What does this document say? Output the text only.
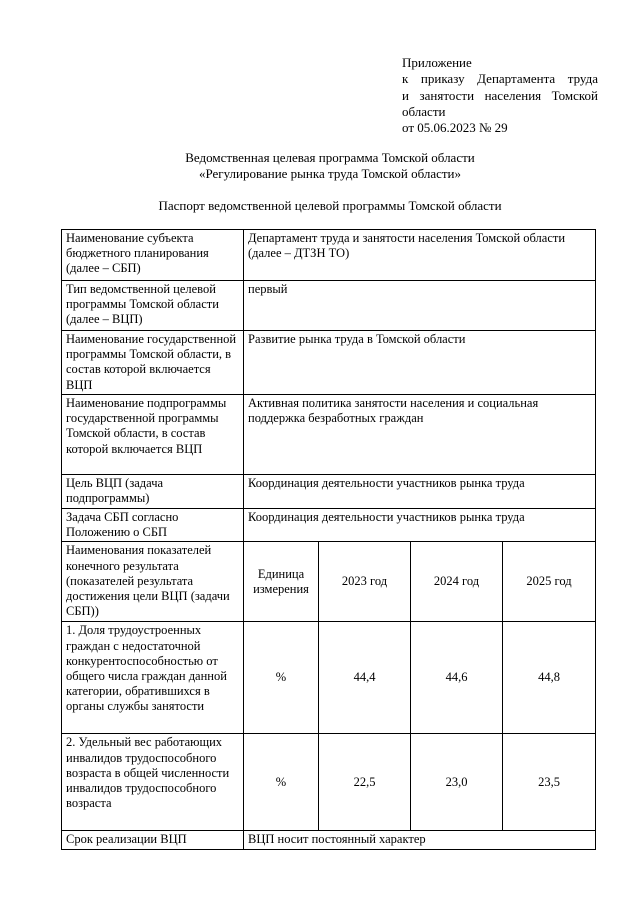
Приложение
к приказу Департамента труда
и занятости населения Томской
области
от 05.06.2023 № 29
Ведомственная целевая программа Томской области
«Регулирование рынка труда Томской области»
Паспорт ведомственной целевой программы Томской области
Наименование субъекта бюджетного планирования (далее – СБП)	Департамент труда и занятости населения Томской области (далее – ДТЗН ТО)			
Тип ведомственной целевой программы Томской области (далее – ВЦП)	первый			
Наименование государственной программы Томской области, в состав которой включается ВЦП	Развитие рынка труда в Томской области			
Наименование подпрограммы государственной программы Томской области, в состав которой включается ВЦП	Активная политика занятости населения и социальная поддержка безработных граждан			
Цель ВЦП (задача подпрограммы)	Координация деятельности участников рынка труда			
Задача СБП согласно Положению о СБП	Координация деятельности участников рынка труда			
Наименования показателей конечного результата (показателей результата достижения цели ВЦП (задачи СБП))	Единица измерения	2023 год	2024 год	2025 год
1. Доля трудоустроенных граждан с недостаточной конкурентоспособностью от общего числа граждан данной категории, обратившихся в органы службы занятости	%	44,4	44,6	44,8
2. Удельный вес работающих инвалидов трудоспособного возраста в общей численности инвалидов трудоспособного возраста	%	22,5	23,0	23,5
Срок реализации ВЦП	ВЦП носит постоянный характер			
